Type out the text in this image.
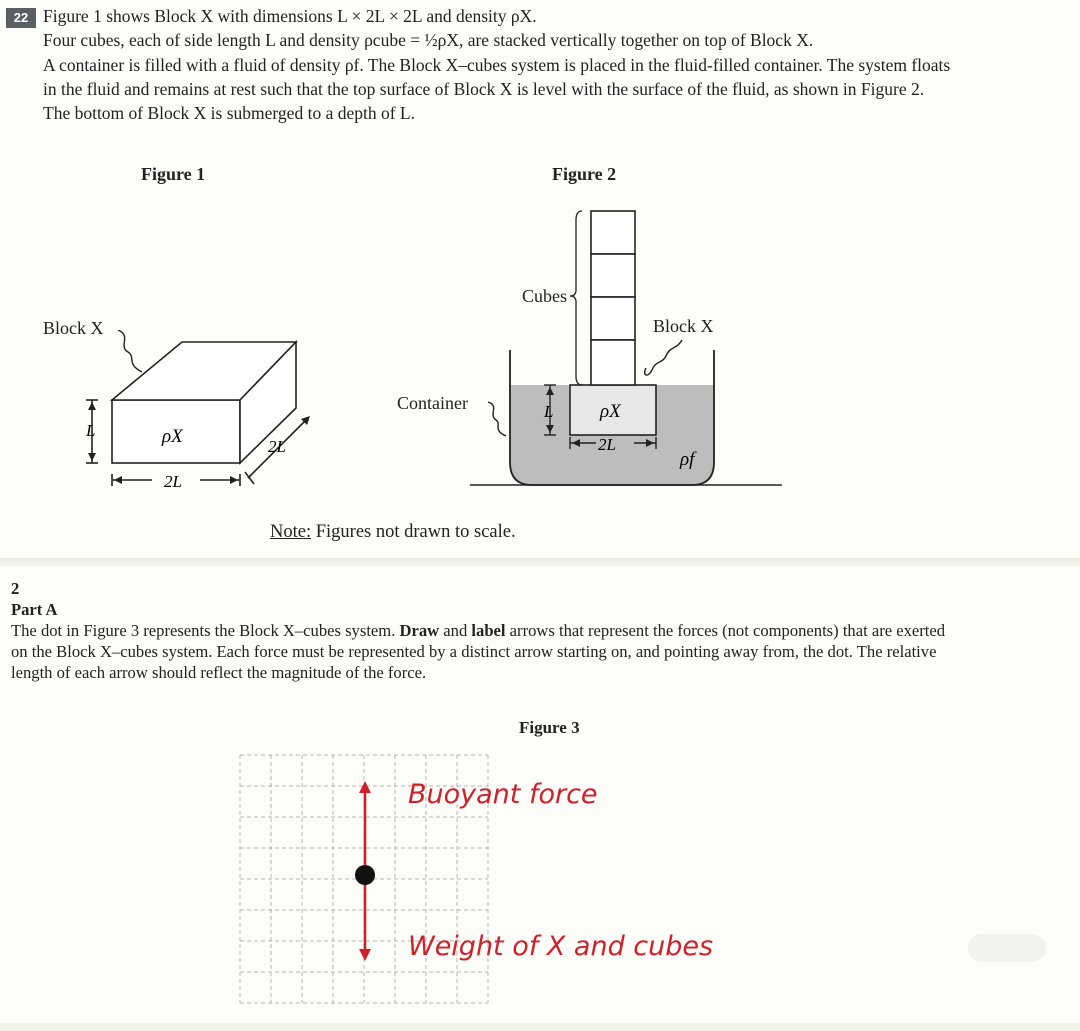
22 Figure 1 shows Block X with dimensions L × 2L × 2L and density ρX.

Four cubes, each of side length L and density ρcube = ½ρX, are stacked vertically together on top of Block X.

A container is filled with a fluid of density ρf. The Block X–cubes system is placed in the fluid-filled container. The system floats

in the fluid and remains at rest such that the top surface of Block X is level with the surface of the fluid, as shown in Figure 2.

The bottom of Block X is submerged to a depth of L.

Figure 1
Block X
L	ρX
2L
2L
Figure 2
Cubes
Block X
Container	L ρX
2L
ρf
Note: Figures not drawn to scale.

2

Part A

The dot in Figure 3 represents the Block X–cubes system. Draw and label arrows that represent the forces (not components) that are exerted

on the Block X–cubes system. Each force must be represented by a distinct arrow starting on, and pointing away from, the dot. The relative

length of each arrow should reflect the magnitude of the force.

Figure 3
Buoyant force
Weight of X and cubes
